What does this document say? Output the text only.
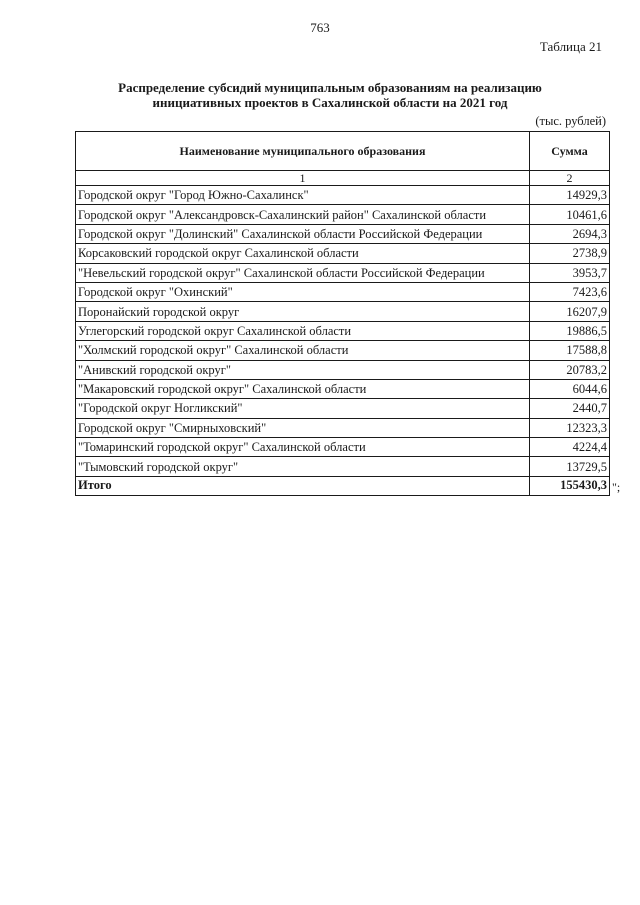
763
Таблица 21
Распределение субсидий муниципальным образованиям на реализацию
инициативных проектов в Сахалинской области на 2021 год
(тыс. рублей)
Наименование муниципального образования	Сумма
1	2
Городской округ "Город Южно-Сахалинск"	14929,3
Городской округ "Александровск-Сахалинский район" Сахалинской области	10461,6
Городской округ "Долинский" Сахалинской области Российской Федерации	2694,3
Корсаковский городской округ Сахалинской области	2738,9
"Невельский городской округ" Сахалинской области Российской Федерации	3953,7
Городской округ "Охинский"	7423,6
Поронайский городской округ	16207,9
Углегорский городской округ Сахалинской области	19886,5
"Холмский городской округ" Сахалинской области	17588,8
"Анивский городской округ"	20783,2
"Макаровский городской округ" Сахалинской области	6044,6
"Городской округ Ногликский"	2440,7
Городской округ "Смирныховский"	12323,3
"Томаринский городской округ" Сахалинской области	4224,4
"Тымовский городской округ"	13729,5
Итого	155430,3 ";
